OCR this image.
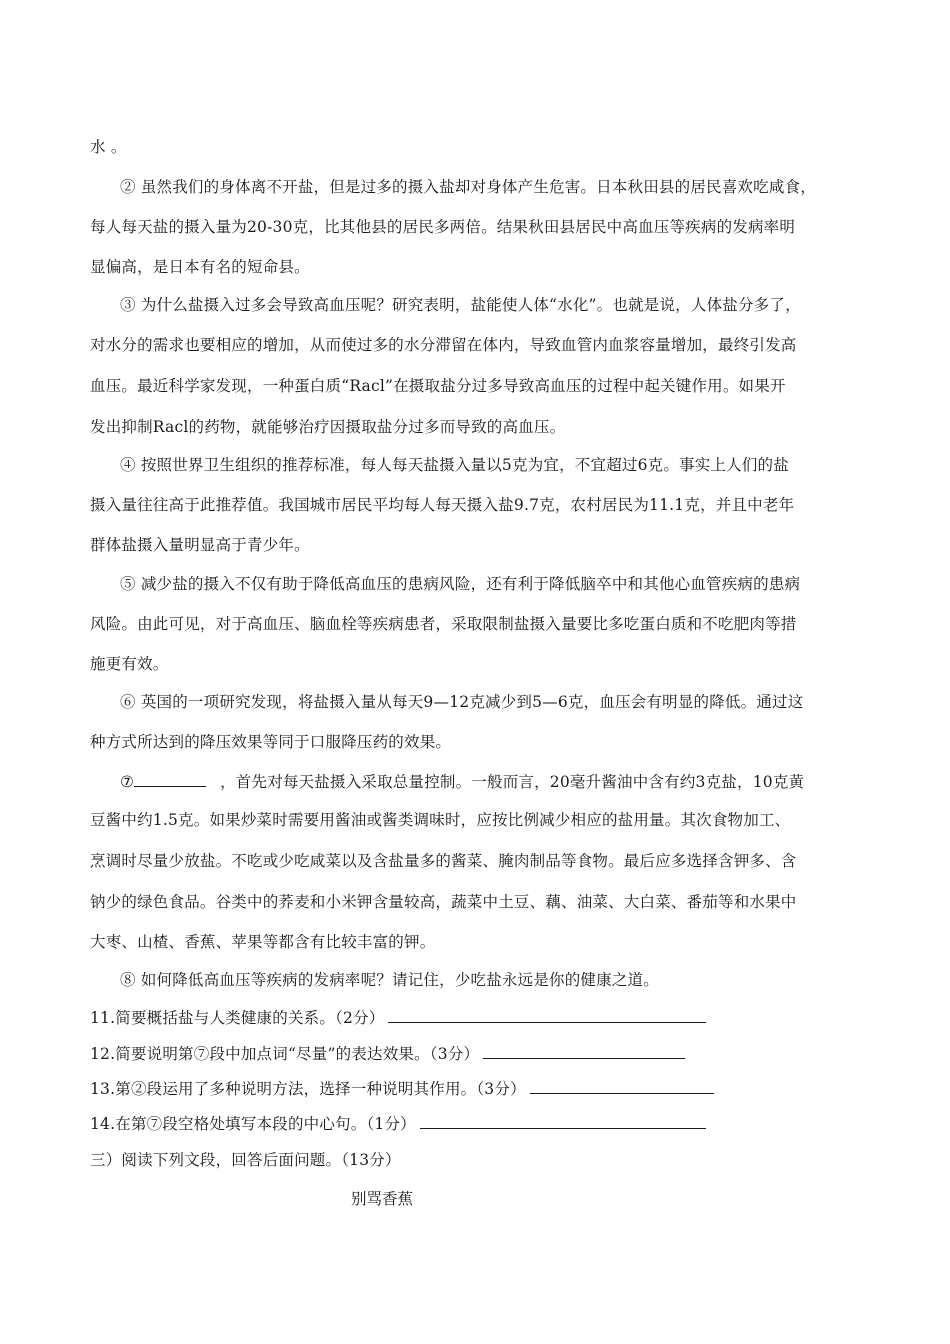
水 。
② 虽然我们的身体离不开盐，但是过多的摄入盐却对身体产生危害。日本秋田县的居民喜欢吃咸食，
每人每天盐的摄入量为20-30克，比其他县的居民多两倍。结果秋田县居民中高血压等疾病的发病率明
显偏高，是日本有名的短命县。
③ 为什么盐摄入过多会导致高血压呢？研究表明，盐能使人体“水化”。也就是说，人体盐分多了，
对水分的需求也要相应的增加，从而使过多的水分滞留在体内，导致血管内血浆容量增加，最终引发高
血压。最近科学家发现，一种蛋白质“Racl”在摄取盐分过多导致高血压的过程中起关键作用。如果开
发出抑制Racl的药物，就能够治疗因摄取盐分过多而导致的高血压。
④ 按照世界卫生组织的推荐标准，每人每天盐摄入量以5克为宜，不宜超过6克。事实上人们的盐
摄入量往往高于此推荐值。我国城市居民平均每人每天摄入盐9.7克，农村居民为11.1克，并且中老年
群体盐摄入量明显高于青少年。
⑤ 减少盐的摄入不仅有助于降低高血压的患病风险，还有利于降低脑卒中和其他心血管疾病的患病
风险。由此可见，对于高血压、脑血栓等疾病患者，采取限制盐摄入量要比多吃蛋白质和不吃肥肉等措
施更有效。
⑥ 英国的一项研究发现，将盐摄入量从每天9—12克减少到5—6克，血压会有明显的降低。通过这
种方式所达到的降压效果等同于口服降压药的效果。
⑦	，首先对每天盐摄入采取总量控制。一般而言，20毫升酱油中含有约3克盐，10克黄
豆酱中约1.5克。如果炒菜时需要用酱油或酱类调味时，应按比例减少相应的盐用量。其次食物加工、
烹调时尽量少放盐。不吃或少吃咸菜以及含盐量多的酱菜、腌肉制品等食物。最后应多选择含钾多、含
钠少的绿色食品。谷类中的荞麦和小米钾含量较高，蔬菜中土豆、藕、油菜、大白菜、番茄等和水果中
大枣、山楂、香蕉、苹果等都含有比较丰富的钾。
⑧ 如何降低高血压等疾病的发病率呢？请记住，少吃盐永远是你的健康之道。
11.简要概括盐与人类健康的关系。（2分）
12.简要说明第⑦段中加点词“尽量”的表达效果。（3分）
13.第②段运用了多种说明方法，选择一种说明其作用。（3分）
14.在第⑦段空格处填写本段的中心句。（1分）
三）阅读下列文段，回答后面问题。（13分）
别骂香蕉
